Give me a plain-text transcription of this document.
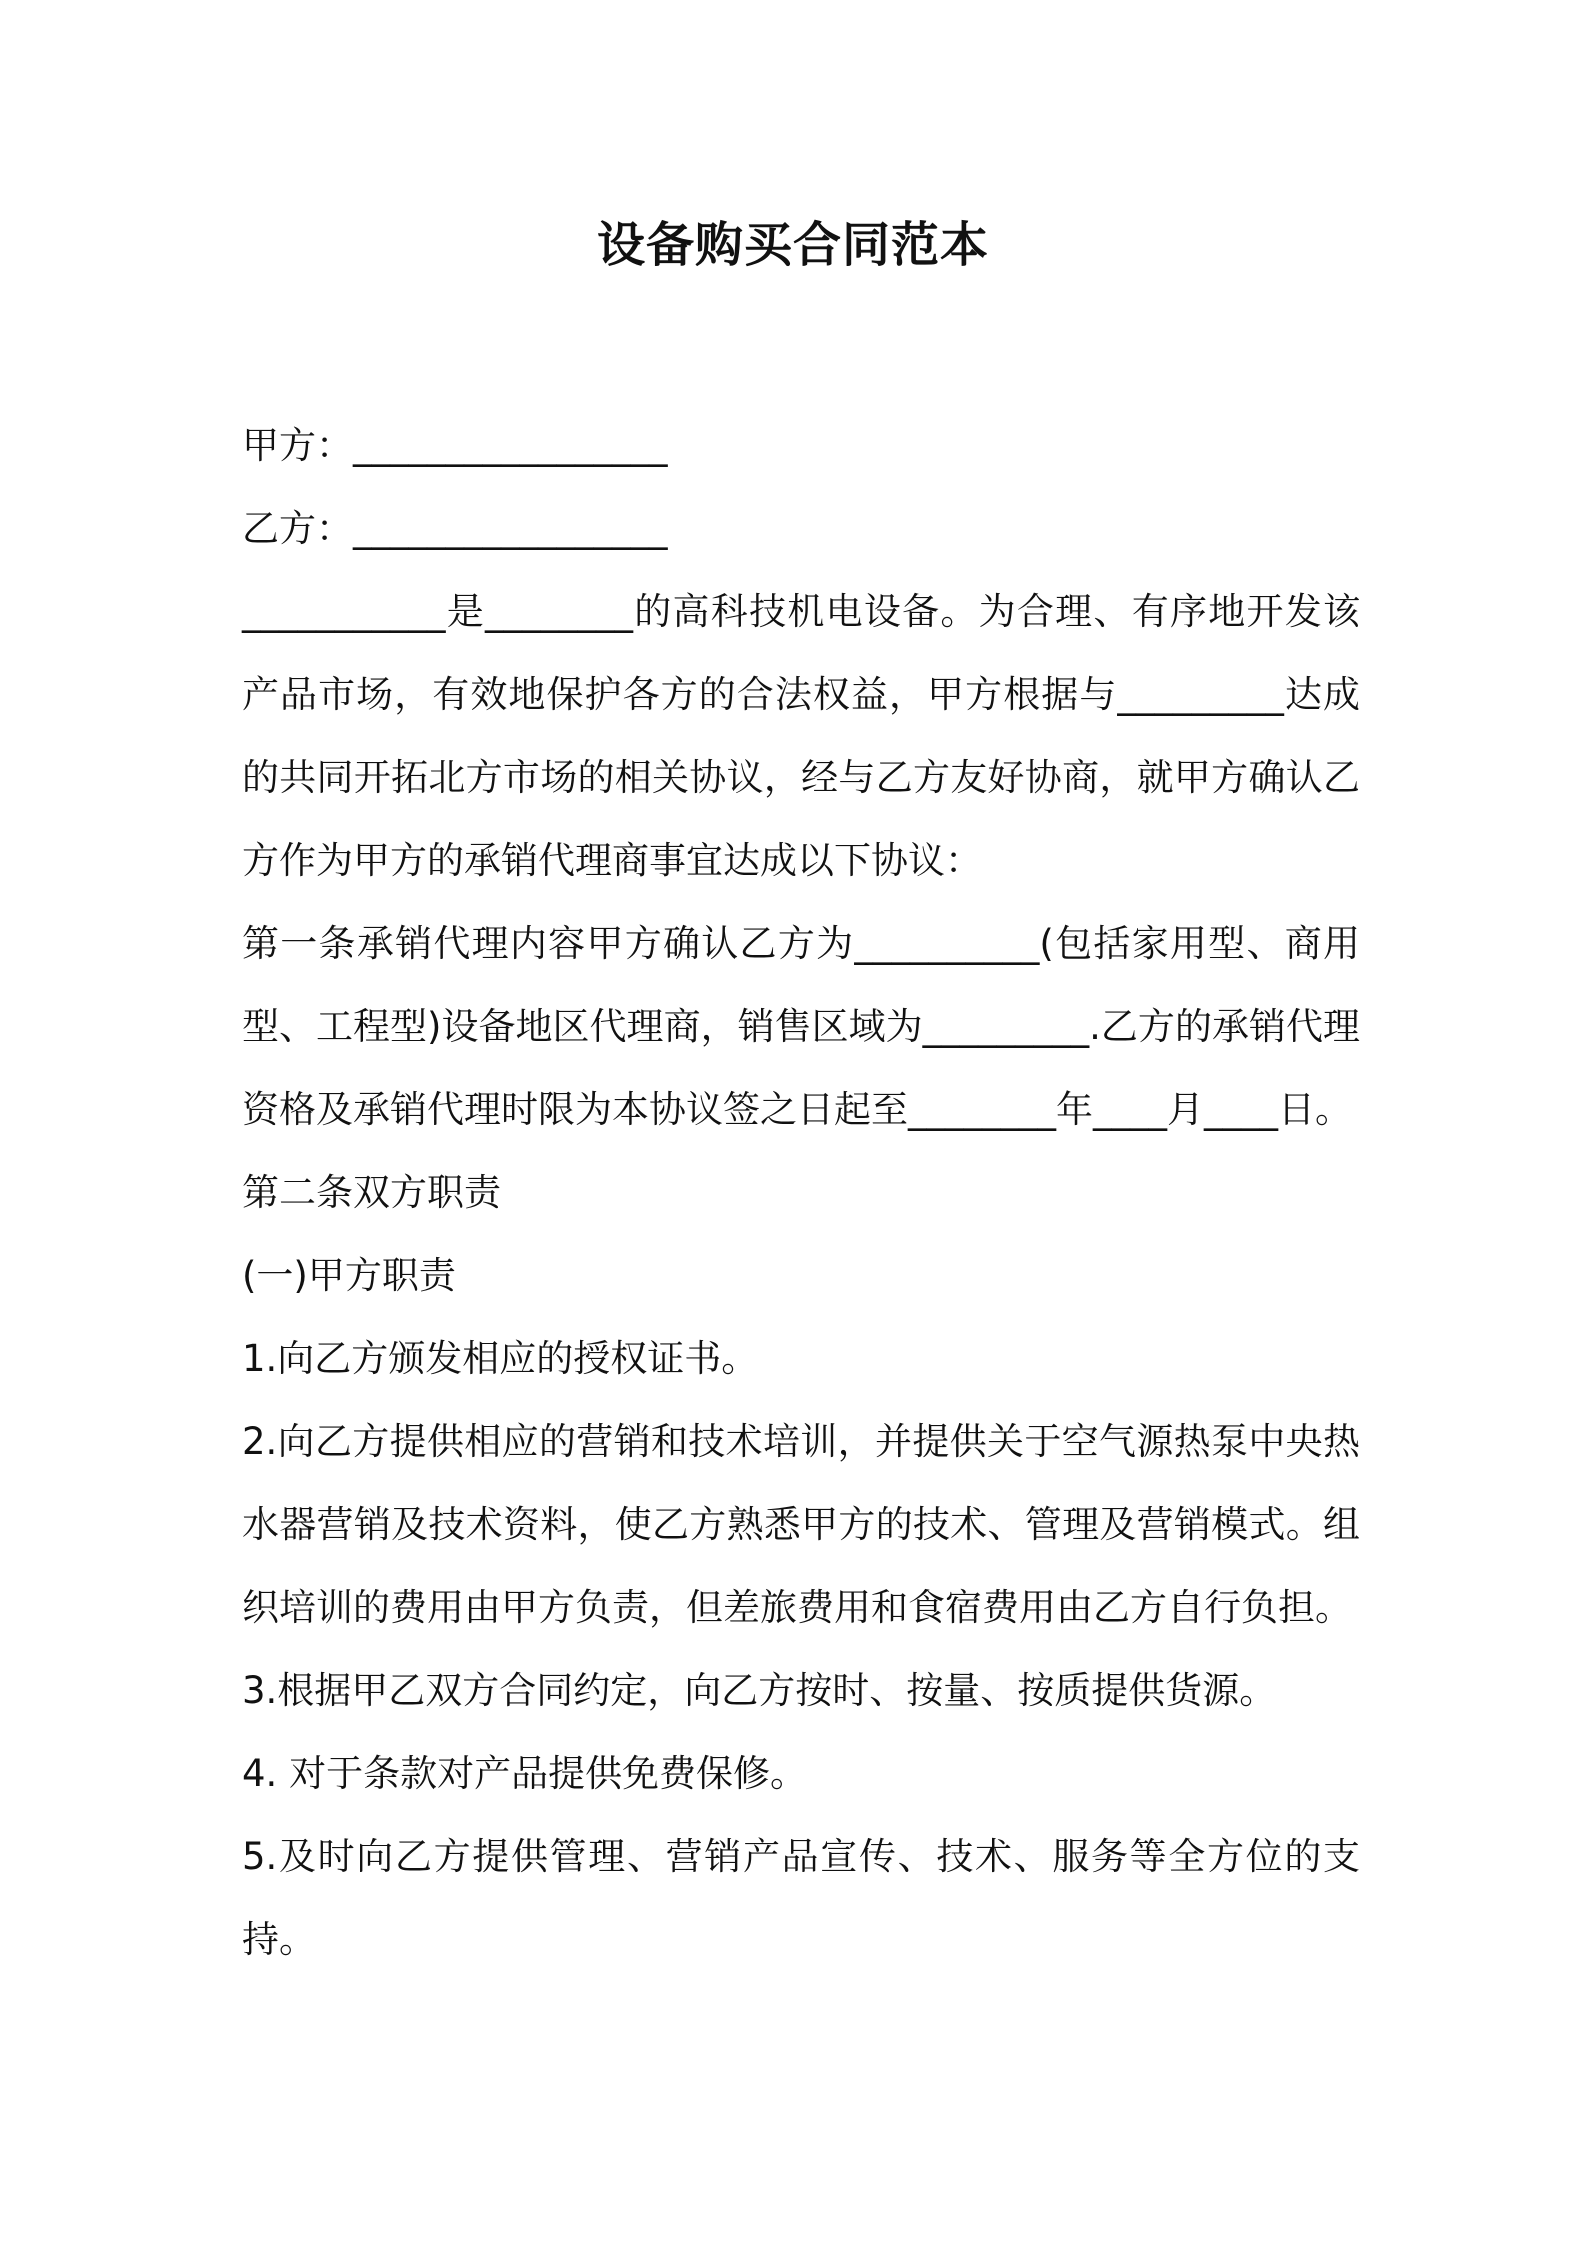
设备购买合同范本

甲方：_________________

乙方：_________________

___________是________的高科技机电设备。为合理、有序地开发该产品市场，有效地保护各方的合法权益，甲方根据与_________达成的共同开拓北方市场的相关协议，经与乙方友好协商，就甲方确认乙方作为甲方的承销代理商事宜达成以下协议：

第一条承销代理内容甲方确认乙方为__________(包括家用型、商用型、工程型)设备地区代理商，销售区域为_________.乙方的承销代理资格及承销代理时限为本协议签之日起至________年____月____日。

第二条双方职责

(一)甲方职责

1.向乙方颁发相应的授权证书。

2.向乙方提供相应的营销和技术培训，并提供关于空气源热泵中央热水器营销及技术资料，使乙方熟悉甲方的技术、管理及营销模式。组织培训的费用由甲方负责，但差旅费用和食宿费用由乙方自行负担。

3.根据甲乙双方合同约定，向乙方按时、按量、按质提供货源。

4. 对于条款对产品提供免费保修。

5.及时向乙方提供管理、营销产品宣传、技术、服务等全方位的支持。
